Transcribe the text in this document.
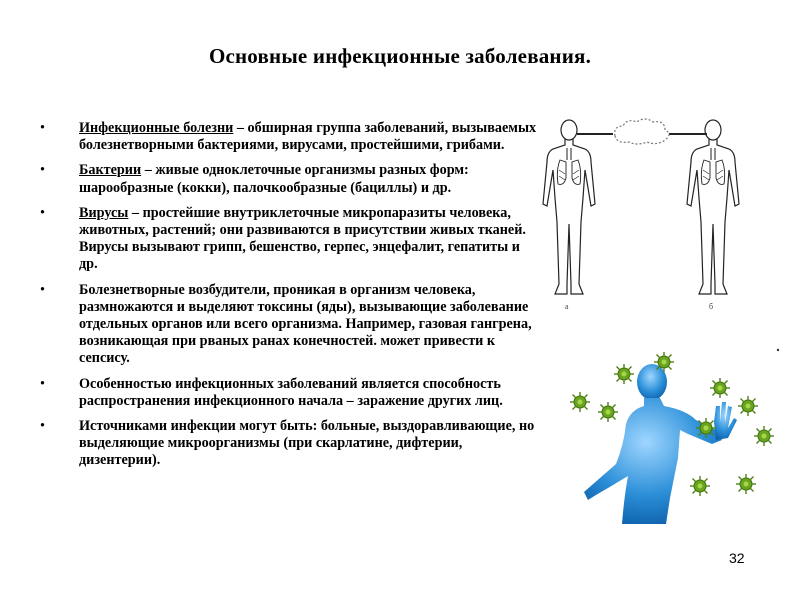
Основные инфекционные заболевания.
• Инфекционные болезни – обширная группа заболеваний, вызываемых болезнетворными бактериями, вирусами, простейшими, грибами.
• Бактерии – живые одноклеточные организмы разных форм: шарообразные (кокки), палочкообразные (бациллы) и др.
• Вирусы – простейшие внутриклеточные микропаразиты человека, животных, растений; они развиваются в присутствии живых тканей. Вирусы вызывают грипп, бешенство, герпес, энцефалит, гепатиты и др.
• Болезнетворные возбудители, проникая в организм человека, размножаются и выделяют токсины (яды), вызывающие заболевание отдельных органов или всего организма. Например, газовая гангрена, возникающая при рваных ранах конечностей. может привести к сепсису.
• Особенностью инфекционных заболеваний является способность распространения инфекционного начала – заражение других лиц.
• Источниками инфекции могут быть: больные, выздоравливающие, но выделяющие микроорганизмы (при скарлатине, дифтерии, дизентерии).
а	б
32
